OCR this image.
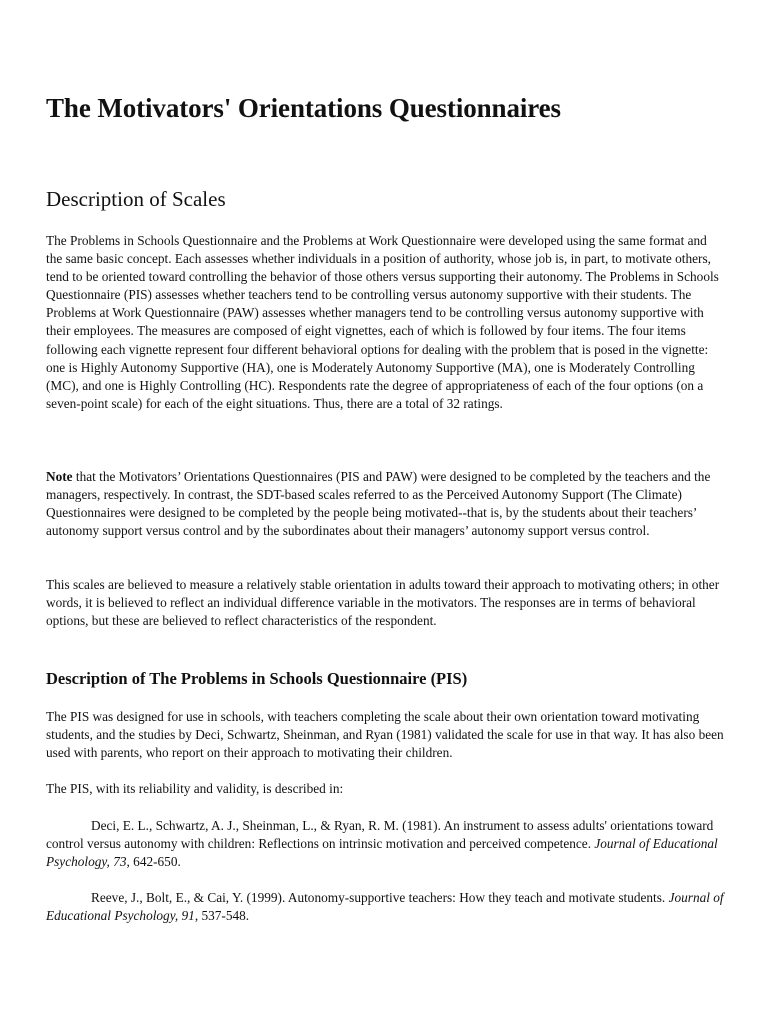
The Motivators' Orientations Questionnaires
Description of Scales

The Problems in Schools Questionnaire and the Problems at Work Questionnaire were developed using the same format and the same basic concept. Each assesses whether individuals in a position of authority, whose job is, in part, to motivate others, tend to be oriented toward controlling the behavior of those others versus supporting their autonomy. The Problems in Schools Questionnaire (PIS) assesses whether teachers tend to be controlling versus autonomy supportive with their students. The Problems at Work Questionnaire (PAW) assesses whether managers tend to be controlling versus autonomy supportive with their employees. The measures are composed of eight vignettes, each of which is followed by four items. The four items following each vignette represent four different behavioral options for dealing with the problem that is posed in the vignette: one is Highly Autonomy Supportive (HA), one is Moderately Autonomy Supportive (MA), one is Moderately Controlling (MC), and one is Highly Controlling (HC). Respondents rate the degree of appropriateness of each of the four options (on a seven-point scale) for each of the eight situations. Thus, there are a total of 32 ratings.

Note that the Motivators’ Orientations Questionnaires (PIS and PAW) were designed to be completed by the teachers and the managers, respectively. In contrast, the SDT-based scales referred to as the Perceived Autonomy Support (The Climate) Questionnaires were designed to be completed by the people being motivated--that is, by the students about their teachers’ autonomy support versus control and by the subordinates about their managers’ autonomy support versus control.

This scales are believed to measure a relatively stable orientation in adults toward their approach to motivating others; in other words, it is believed to reflect an individual difference variable in the motivators. The responses are in terms of behavioral options, but these are believed to reflect characteristics of the respondent.

Description of The Problems in Schools Questionnaire (PIS)

The PIS was designed for use in schools, with teachers completing the scale about their own orientation toward motivating students, and the studies by Deci, Schwartz, Sheinman, and Ryan (1981) validated the scale for use in that way. It has also been used with parents, who report on their approach to motivating their children.

The PIS, with its reliability and validity, is described in:

Deci, E. L., Schwartz, A. J., Sheinman, L., & Ryan, R. M. (1981). An instrument to assess adults' orientations toward control versus autonomy with children: Reflections on intrinsic motivation and perceived competence. Journal of Educational Psychology, 73, 642-650.

Reeve, J., Bolt, E., & Cai, Y. (1999). Autonomy-supportive teachers: How they teach and motivate students. Journal of Educational Psychology, 91, 537-548.
